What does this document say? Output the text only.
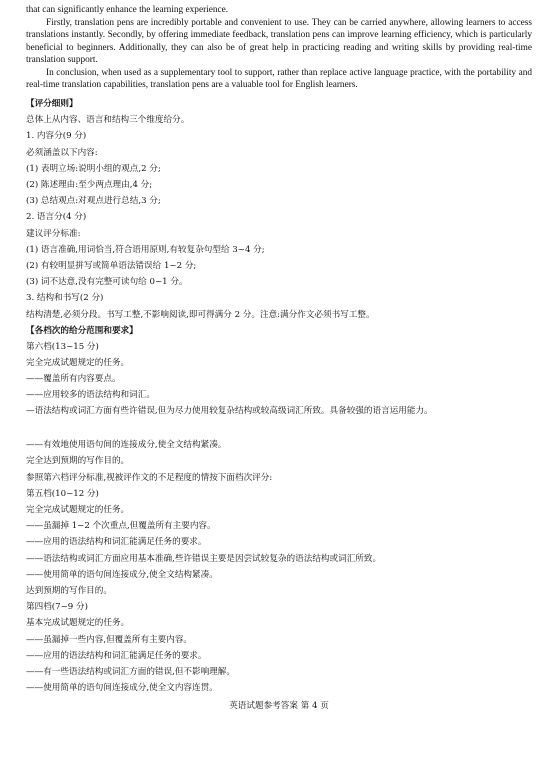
that can significantly enhance the learning experience.

Firstly, translation pens are incredibly portable and convenient to use. They can be carried anywhere, allowing learners to access translations instantly. Secondly, by offering immediate feedback, translation pens can improve learning efficiency, which is particularly beneficial to beginners. Additionally, they can also be of great help in practicing reading and writing skills by providing real-time translation support.

In conclusion, when used as a supplementary tool to support, rather than replace active language practice, with the portability and real-time translation capabilities, translation pens are a valuable tool for English learners.

【评分细则】

总体上从内容、语言和结构三个维度给分。

1. 内容分(9 分)

必须涵盖以下内容:

(1) 表明立场:说明小组的观点,2 分;

(2) 陈述理由:至少两点理由,4 分;

(3) 总结观点:对观点进行总结,3 分;

2. 语言分(4 分)

建议评分标准:

(1) 语言准确,用词恰当,符合语用原则,有较复杂句型给 3~4 分;

(2) 有较明显拼写或简单语法错误给 1~2 分;

(3) 词不达意,没有完整可读句给 0~1 分。

3. 结构和书写(2 分)

结构清楚,必须分段。书写工整,不影响阅读,即可得满分 2 分。注意:满分作文必须书写工整。

【各档次的给分范围和要求】

第六档(13~15 分)

完全完成试题规定的任务。

——覆盖所有内容要点。

——应用较多的语法结构和词汇。

—语法结构或词汇方面有些许错误,但为尽力使用较复杂结构或较高级词汇所致。具备较强的语言运用能力。

——有效地使用语句间的连接成分,使全文结构紧凑。

完全达到预期的写作目的。

参照第六档评分标准,视被评作文的不足程度的情按下面档次评分:

第五档(10~12 分)

完全完成试题规定的任务。

——虽漏掉 1~2 个次重点,但覆盖所有主要内容。

——应用的语法结构和词汇能满足任务的要求。

——语法结构或词汇方面应用基本准确,些许错误主要是因尝试较复杂的语法结构或词汇所致。

——使用简单的语句间连接成分,使全文结构紧凑。

达到预期的写作目的。

第四档(7~9 分)

基本完成试题规定的任务。

——虽漏掉一些内容,但覆盖所有主要内容。

——应用的语法结构和词汇能满足任务的要求。

——有一些语法结构或词汇方面的错误,但不影响理解。

——使用简单的语句间连接成分,使全文内容连贯。

英语试题参考答案 第 4 页
